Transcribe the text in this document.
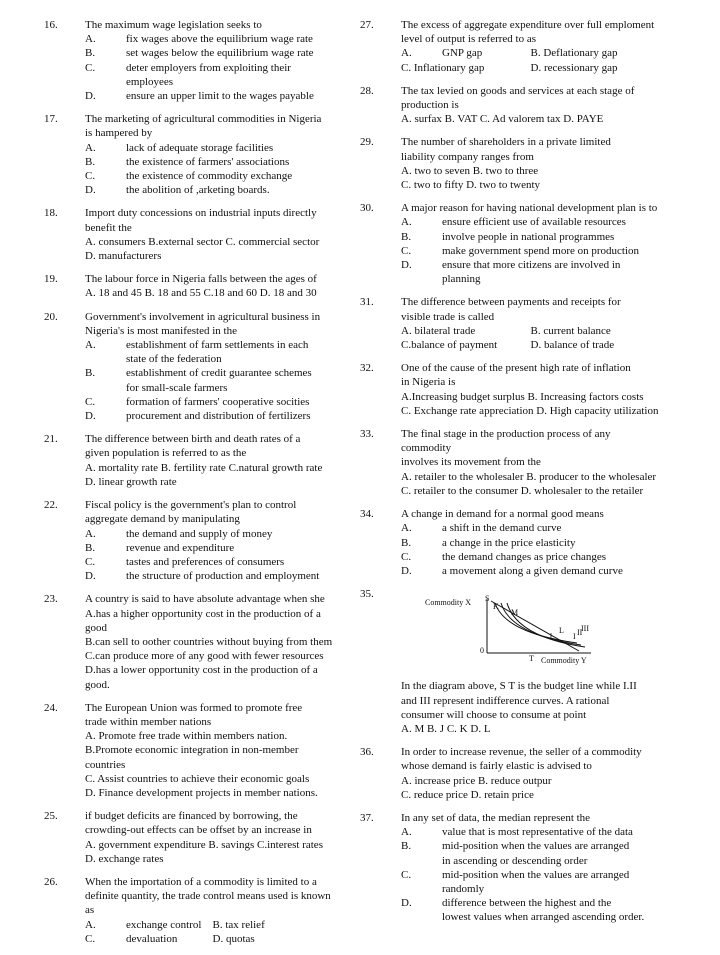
16. The maximum wage legislation seeks to
A.	fix wages above the equilibrium wage rate
B.	set wages below the equilibrium wage rate
C.	deter employers from exploiting their employees
D.	ensure an upper limit to the wages payable
17. The marketing of agricultural commodities in Nigeria
is hampered by
A.	lack of adequate storage facilities
B.	the existence of farmers' associations
C.	the existence of commodity exchange
D.	the abolition of ,arketing boards.
18. Import duty concessions on industrial inputs directly
benefit the
A. consumers B.external sector C. commercial sector
D. manufacturers
19. The labour force in Nigeria falls between the ages of
A. 18 and 45 B. 18 and 55 C.18 and 60 D. 18 and 30
20. Government's involvement in agricultural business in
Nigeria's is most manifested in the
A.	establishment of farm settlements in each
state of the federation
B.	establishment of credit guarantee schemes
for small-scale farmers
C.	formation of farmers' cooperative socities
D.	procurement and distribution of fertilizers
21. The difference between birth and death rates of a
given population is referred to as the
A. mortality rate B. fertility rate C.natural growth rate
D. linear growth rate
22. Fiscal policy is the government's plan to control
aggregate demand by manipulating
A.	the demand and supply of money
B.	revenue and expenditure
C.	tastes and preferences of consumers
D.	the structure of production and employment
23. A country is said to have absolute advantage when she
A.has a higher opportunity cost in the production of a good
B.can sell to oother countries without buying from them
C.can produce more of any good with fewer resources
D.has a lower opportunity cost in the production of a good.
24. The European Union was formed to promote free
trade within member nations
A. Promote free trade within members nation.
B.Promote economic integration in non-member countries
C. Assist countries to achieve their economic goals
D. Finance development projects in member nations.
25. if budget deficits are financed by borrowing, the
crowding-out effects can be offset by an increase in
A. government expenditure B. savings C.interest rates
D. exchange rates
26. When the importation of a commodity is limited to a
definite quantity, the trade control means used is known as
A.	exchange control	B. tax relief
C.	devaluation	D. quotas
27. The excess of aggregate expenditure over full emploment
level of output is referred to as
A.	GNP gap	B. Deflationary gap
C. Inflationary gap	D. recessionary gap
28. The tax levied on goods and services at each stage of
production is
A. surfax B. VAT C. Ad valorem tax D. PAYE
29. The number of shareholders in a private limited
liability company ranges from
A. two to seven B. two to three
C. two to fifty D. two to twenty
30. A major reason for having national development plan is to
A.	ensure efficient use of available resources
B.	involve people in national programmes
C.	make government spend more on production
D.	ensure that more citizens are involved in planning
31. The difference between payments and receipts for
visible trade is called
A. bilateral trade	B. current balance
C.balance of payment	D. balance of trade
32. One of the cause of the present high rate of inflation
in Nigeria is
A.Increasing budget surplus B. Increasing factors costs
C. Exchange rate appreciation D. High capacity utilization
33. The final stage in the production process of any commodity
involves its movement from the
A. retailer to the wholesaler B. producer to the wholesaler
C. retailer to the consumer D. wholesaler to the retailer
34. A change in demand for a normal good means
A.	a shift in the demand curve
B.	a change in the price elasticity
C.	the demand changes as price changes
D.	a movement along a given demand curve
35.
Commodity X
Commodity Y
0
S
T
K
M
L
J	I II
III
In the diagram above, S T is the budget line while I.II
and III represent indifference curves. A rational
consumer will choose to consume at point
A. M B. J C. K D. L
36. In order to increase revenue, the seller of a commodity
whose demand is fairly elastic is advised to
A. increase price B. reduce outpur
C. reduce price D. retain price
37. In any set of data, the median represent the
A.	value that is most representative of the data
B.	mid-position when the values are arranged
in ascending or descending order
C.	mid-position when the values are arranged
randomly
D.	difference between the highest and the
lowest values when arranged ascending order.
